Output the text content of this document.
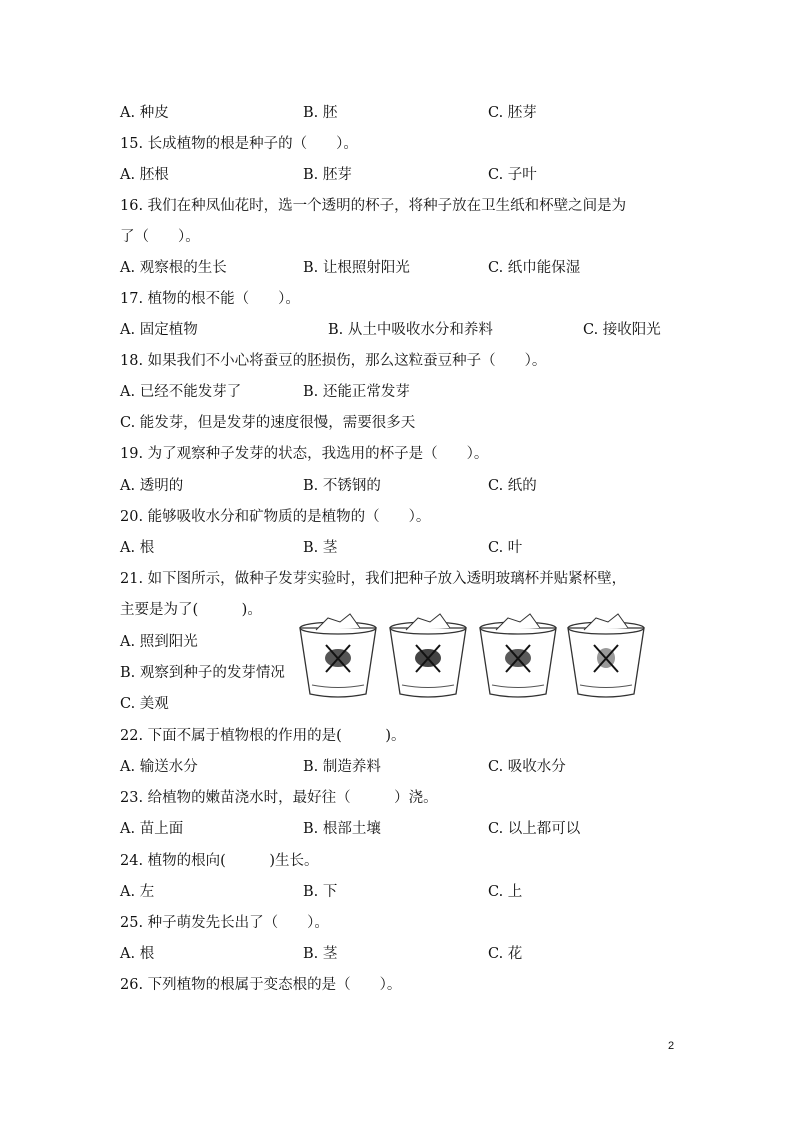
A. 种皮	B. 胚	C. 胚芽
15. 长成植物的根是种子的（　　）。
A. 胚根	B. 胚芽	C. 子叶
16. 我们在种凤仙花时，选一个透明的杯子，将种子放在卫生纸和杯壁之间是为
了（　　）。
A. 观察根的生长	B. 让根照射阳光	C. 纸巾能保湿
17. 植物的根不能（　　）。
A. 固定植物	B. 从土中吸收水分和养料	C. 接收阳光
18. 如果我们不小心将蚕豆的胚损伤，那么这粒蚕豆种子（　　）。
A. 已经不能发芽了	B. 还能正常发芽
C. 能发芽，但是发芽的速度很慢，需要很多天
19. 为了观察种子发芽的状态，我选用的杯子是（　　）。
A. 透明的	B. 不锈钢的	C. 纸的
20. 能够吸收水分和矿物质的是植物的（　　）。
A. 根	B. 茎	C. 叶
21. 如下图所示，做种子发芽实验时，我们把种子放入透明玻璃杯并贴紧杯壁，
主要是为了(　　　)。
A. 照到阳光
B. 观察到种子的发芽情况
C. 美观
22. 下面不属于植物根的作用的是(　　　)。
A. 输送水分	B. 制造养料	C. 吸收水分
23. 给植物的嫩苗浇水时，最好往（　　　）浇。
A. 苗上面	B. 根部土壤	C. 以上都可以
24. 植物的根向(　　　)生长。
A. 左	B. 下	C. 上
25. 种子萌发先长出了（　　）。
A. 根	B. 茎	C. 花
26. 下列植物的根属于变态根的是（　　）。
2
